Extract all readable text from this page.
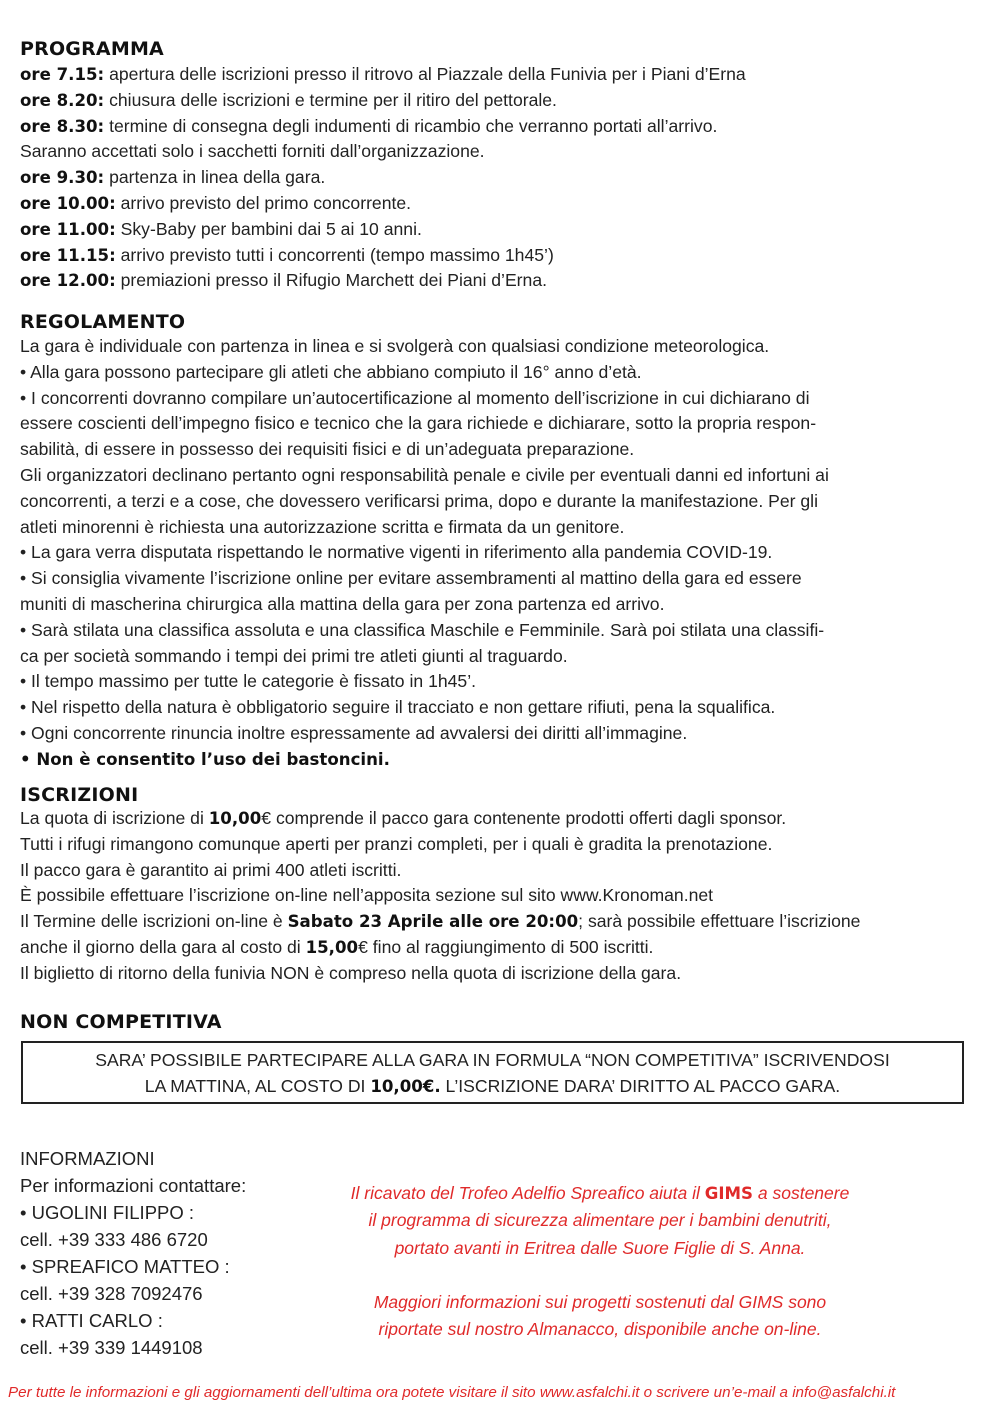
PROGRAMMA
ore 7.15: apertura delle iscrizioni presso il ritrovo al Piazzale della Funivia per i Piani d’Erna
ore 8.20: chiusura delle iscrizioni e termine per il ritiro del pettorale.
ore 8.30: termine di consegna degli indumenti di ricambio che verranno portati all’arrivo.
Saranno accettati solo i sacchetti forniti dall’organizzazione.
ore 9.30: partenza in linea della gara.
ore 10.00: arrivo previsto del primo concorrente.
ore 11.00: Sky-Baby per bambini dai 5 ai 10 anni.
ore 11.15: arrivo previsto tutti i concorrenti (tempo massimo 1h45’)
ore 12.00: premiazioni presso il Rifugio Marchett dei Piani d’Erna.
REGOLAMENTO
La gara è individuale con partenza in linea e si svolgerà con qualsiasi condizione meteorologica.
• Alla gara possono partecipare gli atleti che abbiano compiuto il 16° anno d’età.
• I concorrenti dovranno compilare un’autocertificazione al momento dell’iscrizione in cui dichiarano di
essere coscienti dell’impegno fisico e tecnico che la gara richiede e dichiarare, sotto la propria respon-
sabilità, di essere in possesso dei requisiti fisici e di un’adeguata preparazione.
Gli organizzatori declinano pertanto ogni responsabilità penale e civile per eventuali danni ed infortuni ai
concorrenti, a terzi e a cose, che dovessero verificarsi prima, dopo e durante la manifestazione. Per gli
atleti minorenni è richiesta una autorizzazione scritta e firmata da un genitore.
• La gara verra disputata rispettando le normative vigenti in riferimento alla pandemia COVID-19.
• Si consiglia vivamente l’iscrizione online per evitare assembramenti al mattino della gara ed essere
muniti di mascherina chirurgica alla mattina della gara per zona partenza ed arrivo.
• Sarà stilata una classifica assoluta e una classifica Maschile e Femminile. Sarà poi stilata una classifi-
ca per società sommando i tempi dei primi tre atleti giunti al traguardo.
• Il tempo massimo per tutte le categorie è fissato in 1h45’.
• Nel rispetto della natura è obbligatorio seguire il tracciato e non gettare rifiuti, pena la squalifica.
• Ogni concorrente rinuncia inoltre espressamente ad avvalersi dei diritti all’immagine.
• Non è consentito l’uso dei bastoncini.
ISCRIZIONI
La quota di iscrizione di 10,00€ comprende il pacco gara contenente prodotti offerti dagli sponsor.
Tutti i rifugi rimangono comunque aperti per pranzi completi, per i quali è gradita la prenotazione.
Il pacco gara è garantito ai primi 400 atleti iscritti.
È possibile effettuare l’iscrizione on-line nell’apposita sezione sul sito www.Kronoman.net
Il Termine delle iscrizioni on-line è Sabato 23 Aprile alle ore 20:00; sarà possibile effettuare l’iscrizione
anche il giorno della gara al costo di 15,00€ fino al raggiungimento di 500 iscritti.
Il biglietto di ritorno della funivia NON è compreso nella quota di iscrizione della gara.
NON COMPETITIVA
SARA’ POSSIBILE PARTECIPARE ALLA GARA IN FORMULA “NON COMPETITIVA” ISCRIVENDOSI
LA MATTINA, AL COSTO DI 10,00€. L’ISCRIZIONE DARA’ DIRITTO AL PACCO GARA.
INFORMAZIONI
Per informazioni contattare:
• UGOLINI FILIPPO :
cell. +39 333 486 6720
• SPREAFICO MATTEO :
cell. +39 328 7092476
• RATTI CARLO :
cell. +39 339 1449108
Il ricavato del Trofeo Adelfio Spreafico aiuta il GIMS a sostenere
il programma di sicurezza alimentare per i bambini denutriti,
portato avanti in Eritrea dalle Suore Figlie di S. Anna.
Maggiori informazioni sui progetti sostenuti dal GIMS sono
riportate sul nostro Almanacco, disponibile anche on-line.
Per tutte le informazioni e gli aggiornamenti dell’ultima ora potete visitare il sito www.asfalchi.it o scrivere un’e-mail a info@asfalchi.it
